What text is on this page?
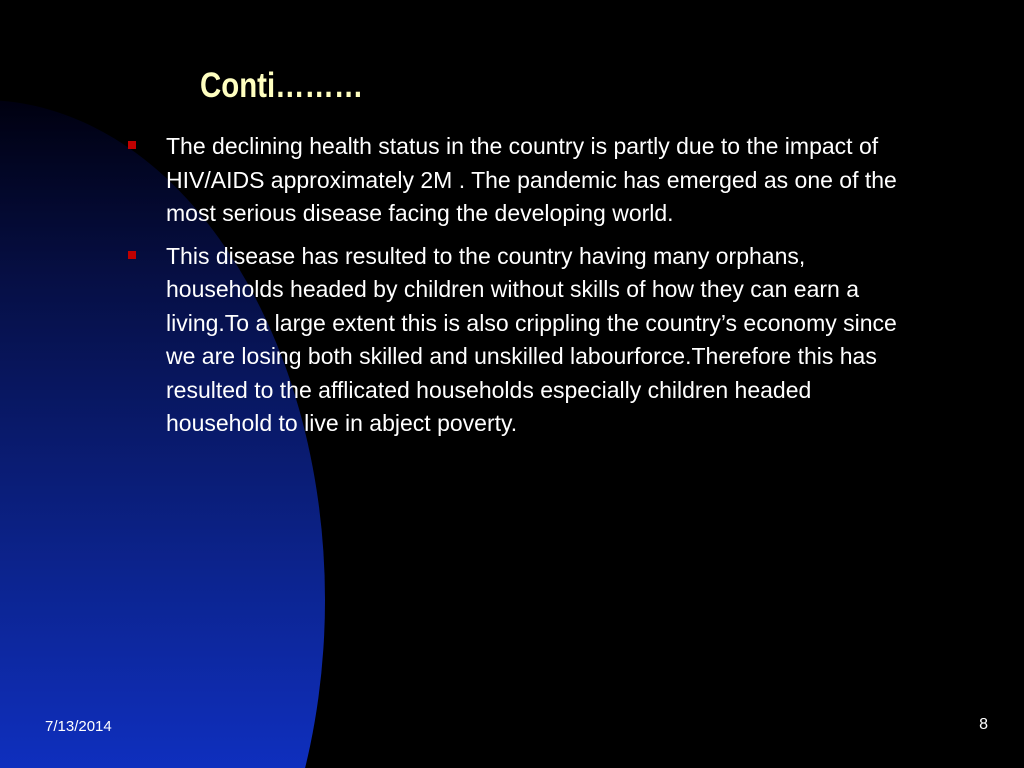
Conti………
The declining health status in the country is partly due to the impact of HIV/AIDS approximately 2M . The pandemic has emerged as one of the most serious disease facing the developing world.
This disease has resulted to the country having many orphans, households headed by children without skills of how they can earn a living.To a large extent this is also crippling the country’s economy since we are losing both skilled and unskilled labourforce.Therefore this has resulted to the afflicated households especially children headed household to live in abject poverty.
7/13/2014	8
